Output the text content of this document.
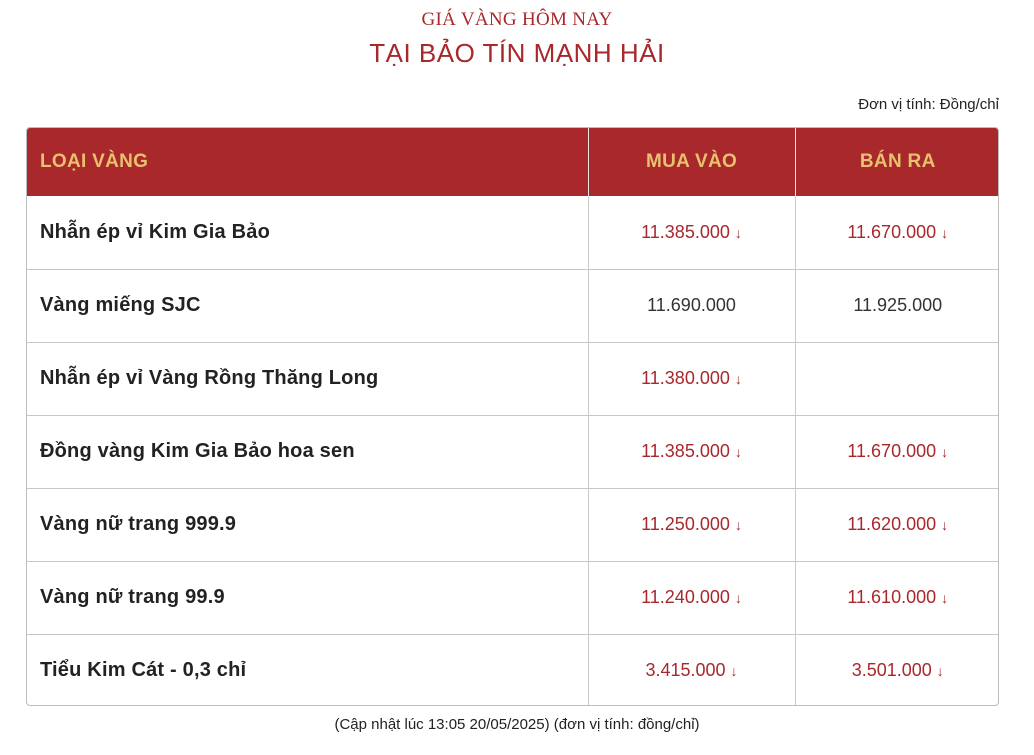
GIÁ VÀNG HÔM NAY
TẠI BẢO TÍN MẠNH HẢI
Đơn vị tính: Đồng/chỉ
LOẠI VÀNG	MUA VÀO	BÁN RA
Nhẫn ép vỉ Kim Gia Bảo	11.385.000 ↓	11.670.000 ↓
Vàng miếng SJC	11.690.000	11.925.000
Nhẫn ép vỉ Vàng Rồng Thăng Long	11.380.000 ↓	
Đồng vàng Kim Gia Bảo hoa sen	11.385.000 ↓	11.670.000 ↓
Vàng nữ trang 999.9	11.250.000 ↓	11.620.000 ↓
Vàng nữ trang 99.9	11.240.000 ↓	11.610.000 ↓
Tiểu Kim Cát - 0,3 chỉ	3.415.000 ↓	3.501.000 ↓
(Cập nhật lúc 13:05 20/05/2025) (đơn vị tính: đồng/chỉ)
